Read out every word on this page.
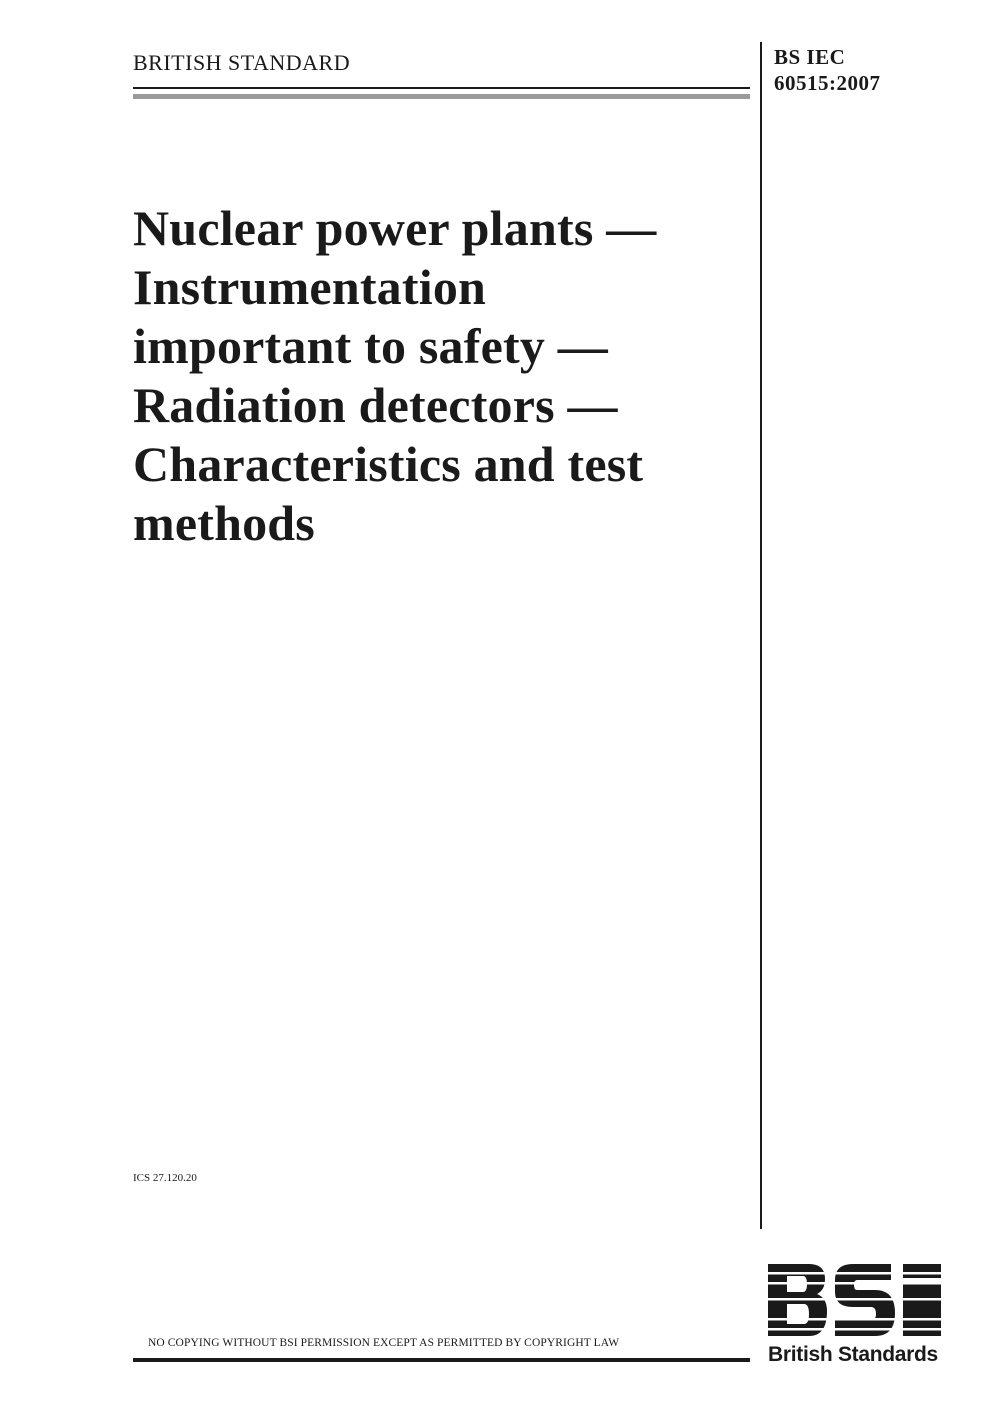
BRITISH STANDARD	BS IEC
60515:2007
Nuclear power plants —
Instrumentation
important to safety —
Radiation detectors —
Characteristics and test
methods
ICS 27.120.20
British Standards
NO COPYING WITHOUT BSI PERMISSION EXCEPT AS PERMITTED BY COPYRIGHT LAW
